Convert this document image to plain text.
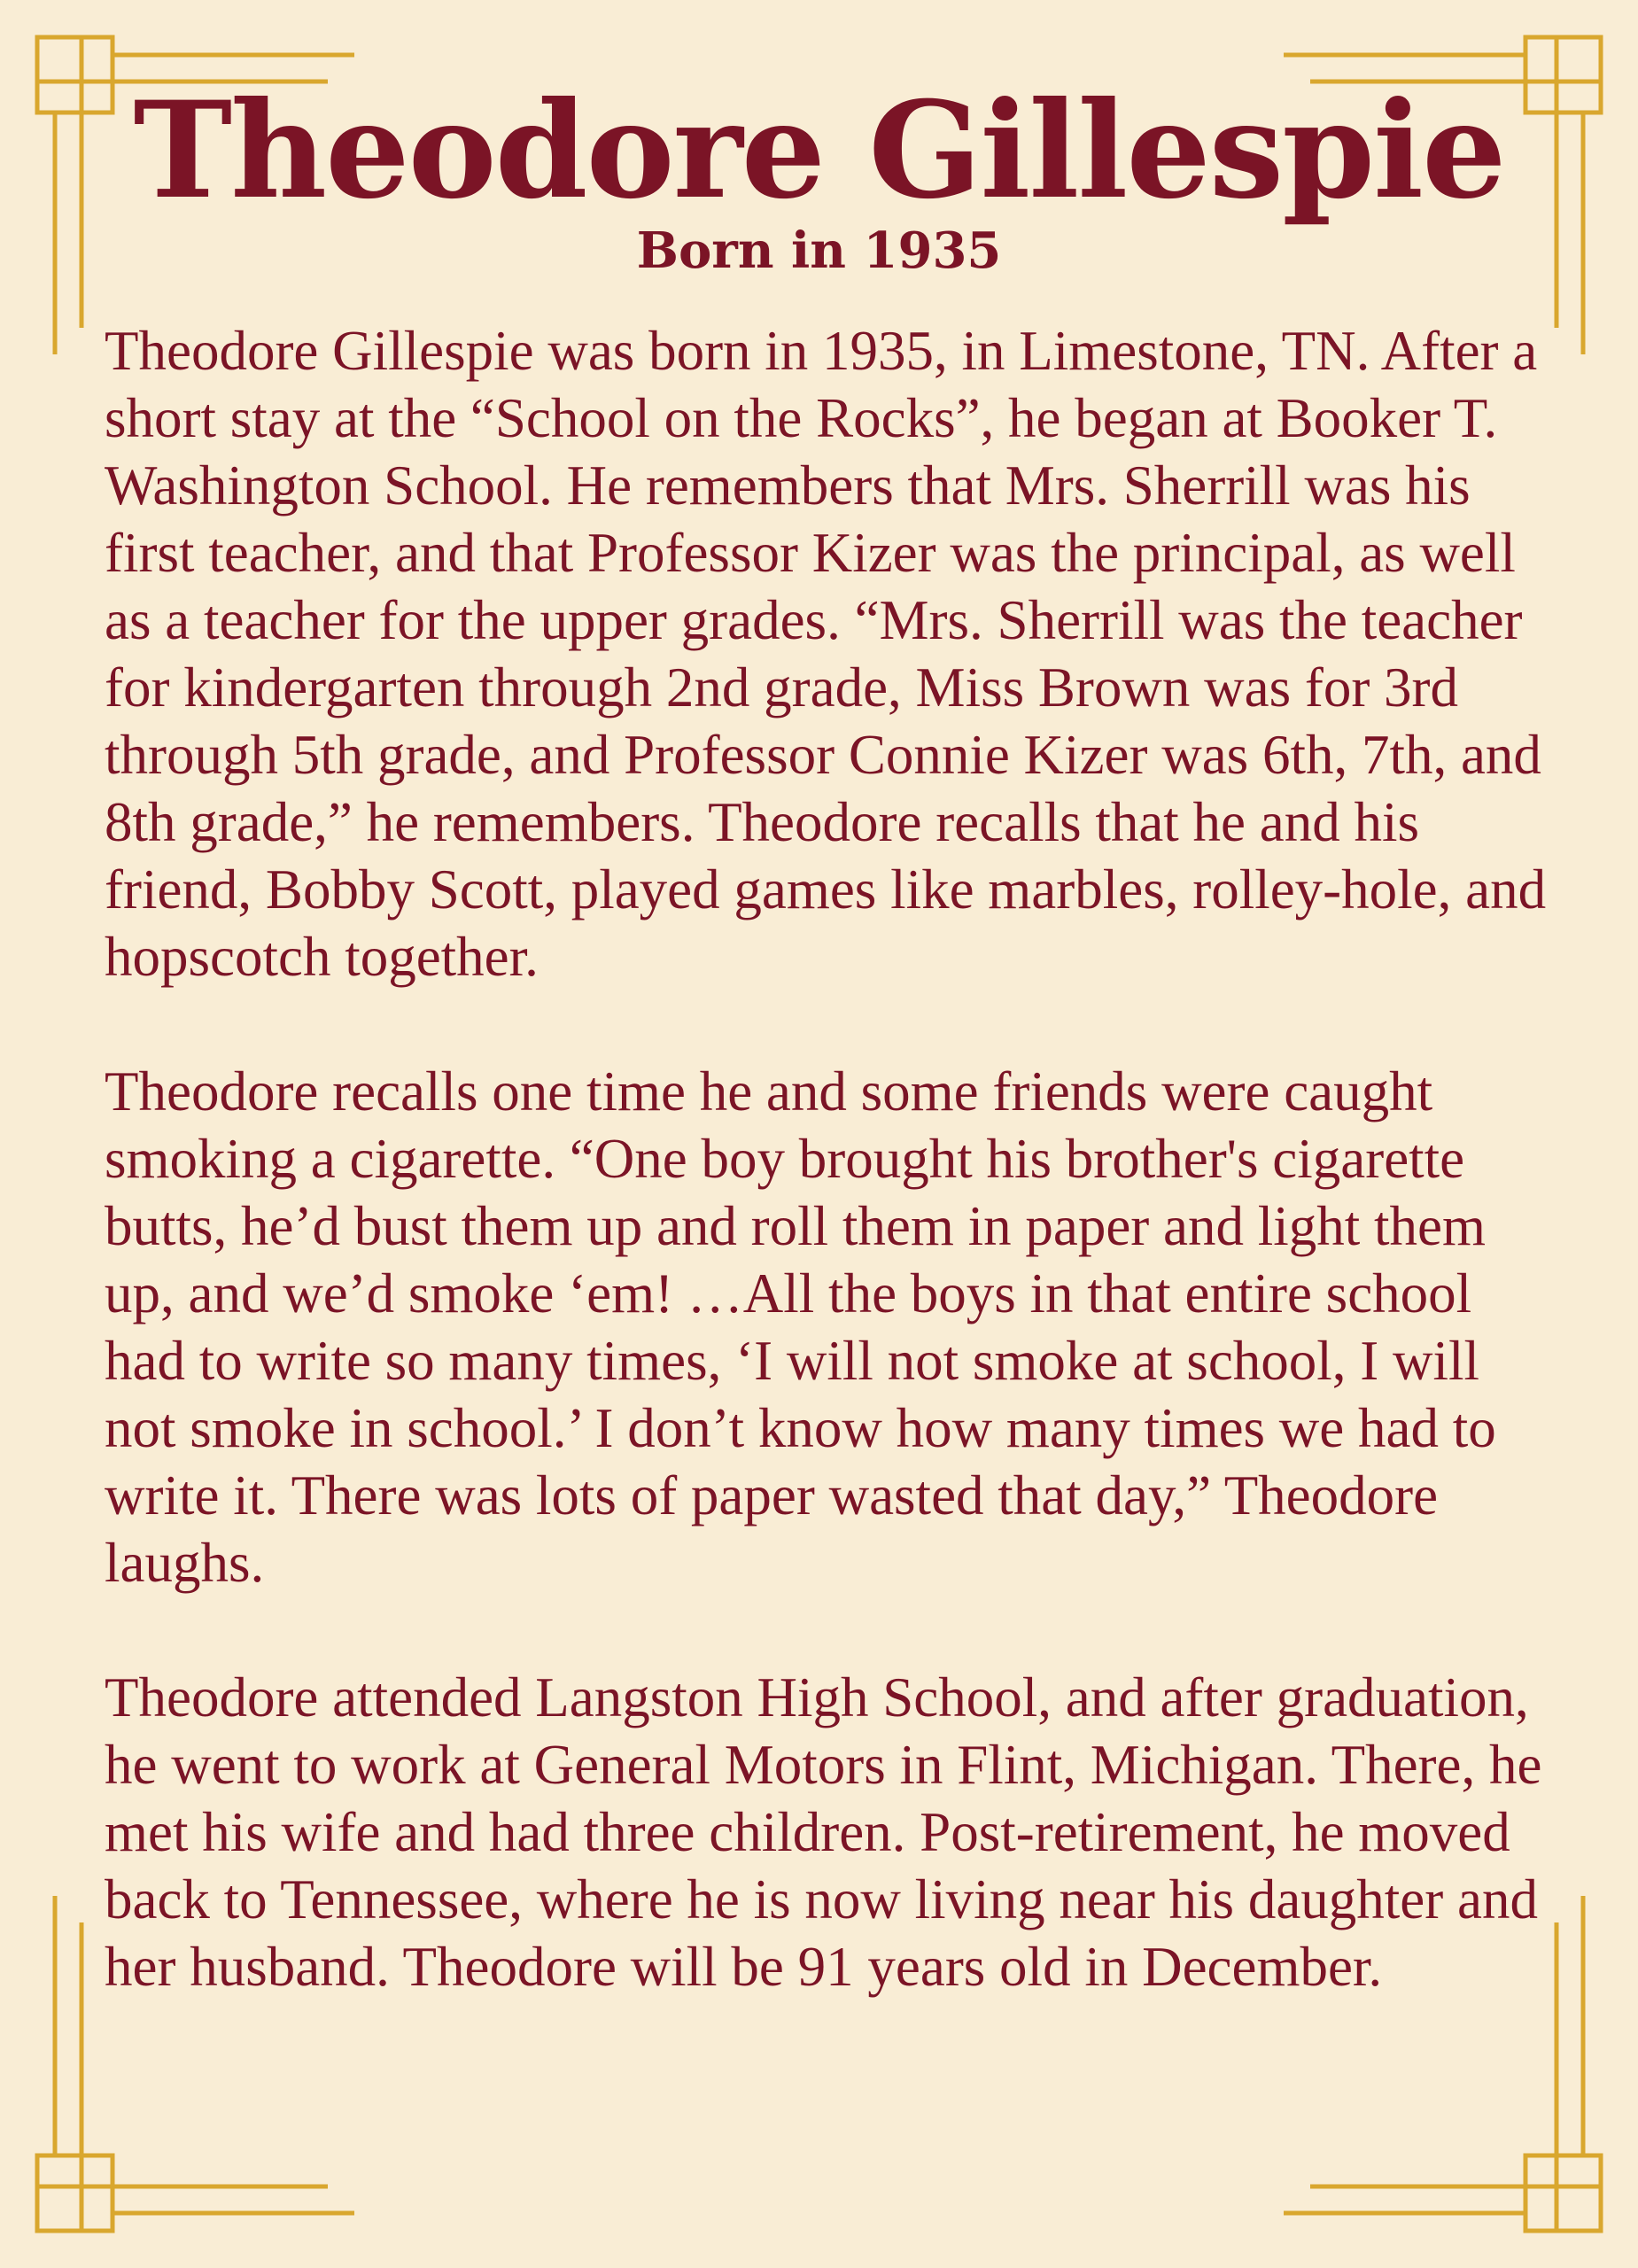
Theodore Gillespie
Born in 1935

Theodore Gillespie was born in 1935, in Limestone, TN. After a short stay at the “School on the Rocks”, he began at Booker T. Washington School. He remembers that Mrs. Sherrill was his first teacher, and that Professor Kizer was the principal, as well as a teacher for the upper grades. “Mrs. Sherrill was the teacher for kindergarten through 2nd grade, Miss Brown was for 3rd through 5th grade, and Professor Connie Kizer was 6th, 7th, and 8th grade,” he remembers. Theodore recalls that he and his friend, Bobby Scott, played games like marbles, rolley-hole, and hopscotch together.

Theodore recalls one time he and some friends were caught smoking a cigarette. “One boy brought his brother's cigarette butts, he’d bust them up and roll them in paper and light them up, and we’d smoke ‘em! …All the boys in that entire school had to write so many times, ‘I will not smoke at school, I will not smoke in school.’ I don’t know how many times we had to write it. There was lots of paper wasted that day,” Theodore laughs.

Theodore attended Langston High School, and after graduation, he went to work at General Motors in Flint, Michigan. There, he met his wife and had three children. Post-retirement, he moved back to Tennessee, where he is now living near his daughter and her husband. Theodore will be 91 years old in December.
